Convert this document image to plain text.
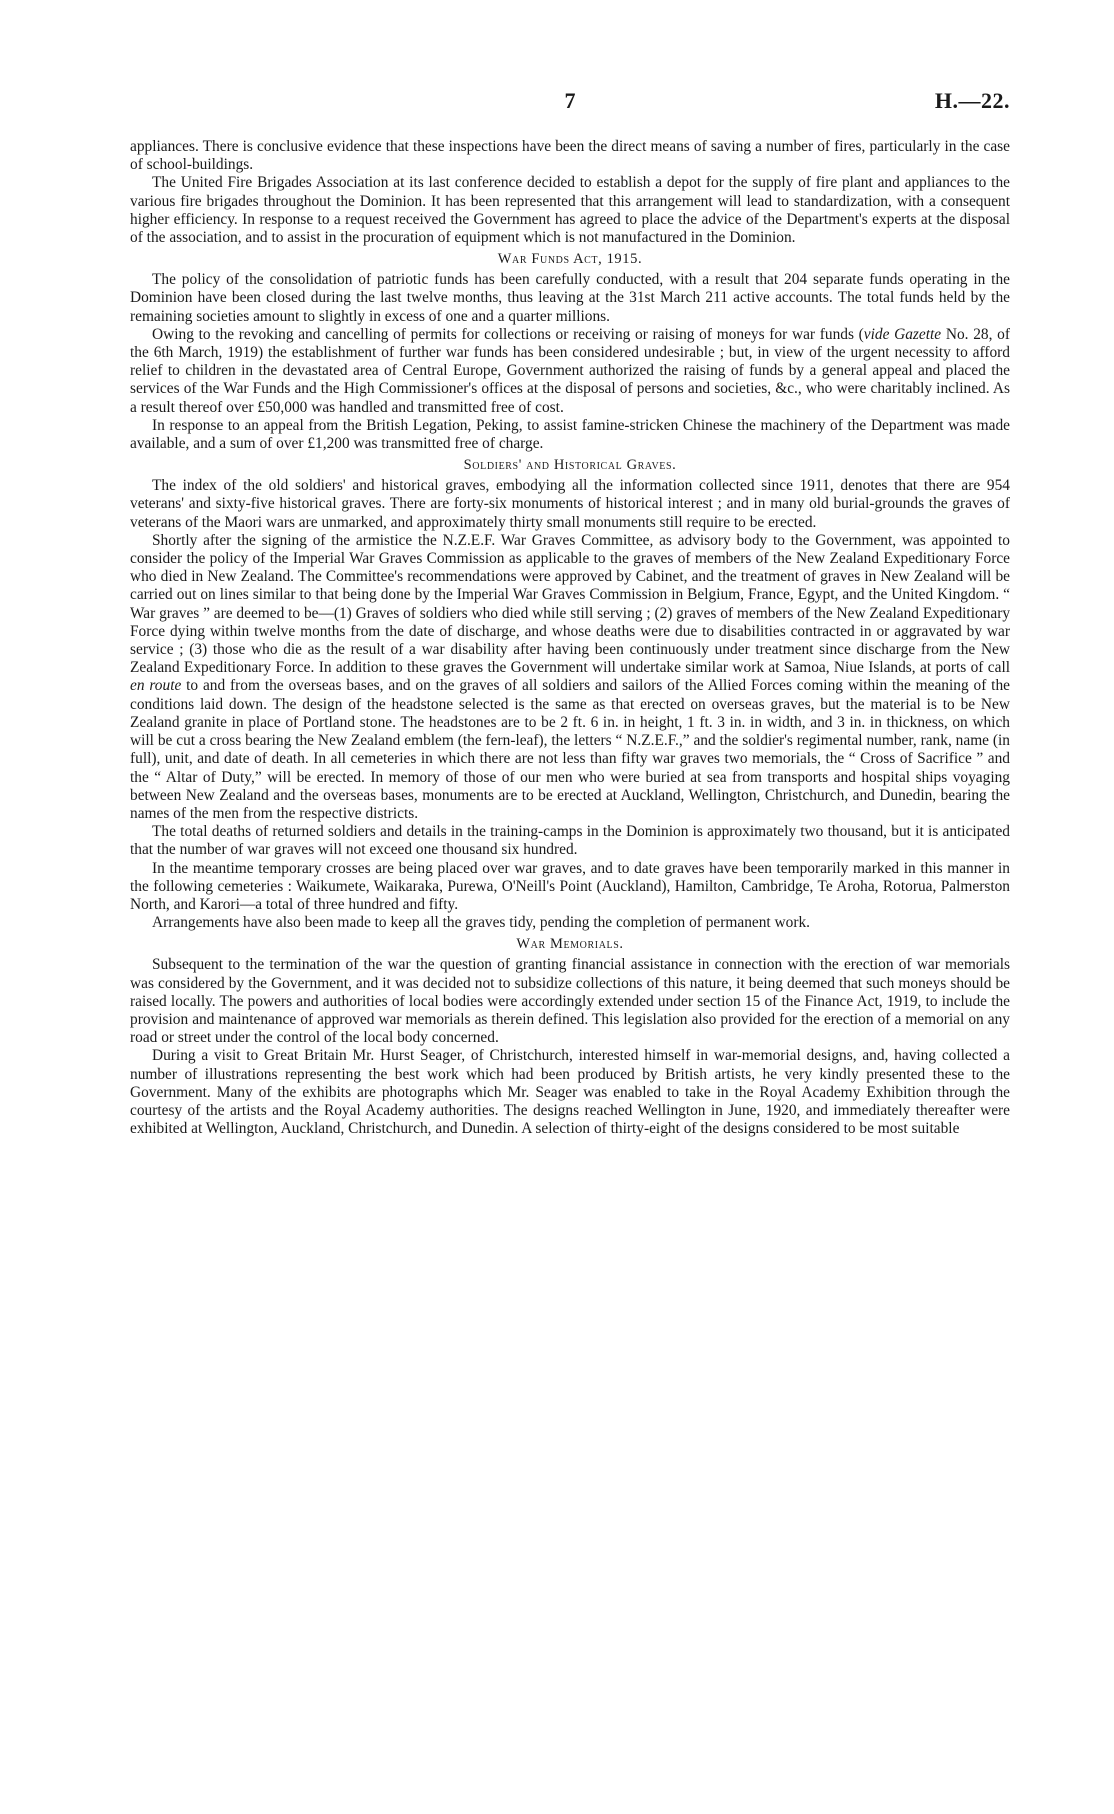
7	H.—22.

appliances. There is conclusive evidence that these inspections have been the direct means of saving a number of fires, particularly in the case of school-buildings.

The United Fire Brigades Association at its last conference decided to establish a depot for the supply of fire plant and appliances to the various fire brigades throughout the Dominion. It has been represented that this arrangement will lead to standardization, with a consequent higher efficiency. In response to a request received the Government has agreed to place the advice of the Department's experts at the disposal of the association, and to assist in the procuration of equipment which is not manufactured in the Dominion.

War Funds Act, 1915.

The policy of the consolidation of patriotic funds has been carefully conducted, with a result that 204 separate funds operating in the Dominion have been closed during the last twelve months, thus leaving at the 31st March 211 active accounts. The total funds held by the remaining societies amount to slightly in excess of one and a quarter millions.

Owing to the revoking and cancelling of permits for collections or receiving or raising of moneys for war funds (vide Gazette No. 28, of the 6th March, 1919) the establishment of further war funds has been considered undesirable ; but, in view of the urgent necessity to afford relief to children in the devastated area of Central Europe, Government authorized the raising of funds by a general appeal and placed the services of the War Funds and the High Commissioner's offices at the disposal of persons and societies, &c., who were charitably inclined. As a result thereof over £50,000 was handled and transmitted free of cost.

In response to an appeal from the British Legation, Peking, to assist famine-stricken Chinese the machinery of the Department was made available, and a sum of over £1,200 was transmitted free of charge.

Soldiers' and Historical Graves.

The index of the old soldiers' and historical graves, embodying all the information collected since 1911, denotes that there are 954 veterans' and sixty-five historical graves. There are forty-six monuments of historical interest ; and in many old burial-grounds the graves of veterans of the Maori wars are unmarked, and approximately thirty small monuments still require to be erected.

Shortly after the signing of the armistice the N.Z.E.F. War Graves Committee, as advisory body to the Government, was appointed to consider the policy of the Imperial War Graves Commission as applicable to the graves of members of the New Zealand Expeditionary Force who died in New Zealand. The Committee's recommendations were approved by Cabinet, and the treatment of graves in New Zealand will be carried out on lines similar to that being done by the Imperial War Graves Commission in Belgium, France, Egypt, and the United Kingdom. “ War graves ” are deemed to be—(1) Graves of soldiers who died while still serving ; (2) graves of members of the New Zealand Expeditionary Force dying within twelve months from the date of discharge, and whose deaths were due to disabilities contracted in or aggravated by war service ; (3) those who die as the result of a war disability after having been continuously under treatment since discharge from the New Zealand Expeditionary Force. In addition to these graves the Government will undertake similar work at Samoa, Niue Islands, at ports of call en route to and from the overseas bases, and on the graves of all soldiers and sailors of the Allied Forces coming within the meaning of the conditions laid down. The design of the headstone selected is the same as that erected on overseas graves, but the material is to be New Zealand granite in place of Portland stone. The headstones are to be 2 ft. 6 in. in height, 1 ft. 3 in. in width, and 3 in. in thickness, on which will be cut a cross bearing the New Zealand emblem (the fern-leaf), the letters “ N.Z.E.F.,” and the soldier's regimental number, rank, name (in full), unit, and date of death. In all cemeteries in which there are not less than fifty war graves two memorials, the “ Cross of Sacrifice ” and the “ Altar of Duty,” will be erected. In memory of those of our men who were buried at sea from transports and hospital ships voyaging between New Zealand and the overseas bases, monuments are to be erected at Auckland, Wellington, Christchurch, and Dunedin, bearing the names of the men from the respective districts.

The total deaths of returned soldiers and details in the training-camps in the Dominion is approximately two thousand, but it is anticipated that the number of war graves will not exceed one thousand six hundred.

In the meantime temporary crosses are being placed over war graves, and to date graves have been temporarily marked in this manner in the following cemeteries : Waikumete, Waikaraka, Purewa, O'Neill's Point (Auckland), Hamilton, Cambridge, Te Aroha, Rotorua, Palmerston North, and Karori—a total of three hundred and fifty.

Arrangements have also been made to keep all the graves tidy, pending the completion of permanent work.

War Memorials.

Subsequent to the termination of the war the question of granting financial assistance in connection with the erection of war memorials was considered by the Government, and it was decided not to subsidize collections of this nature, it being deemed that such moneys should be raised locally. The powers and authorities of local bodies were accordingly extended under section 15 of the Finance Act, 1919, to include the provision and maintenance of approved war memorials as therein defined. This legislation also provided for the erection of a memorial on any road or street under the control of the local body concerned.

During a visit to Great Britain Mr. Hurst Seager, of Christchurch, interested himself in war-memorial designs, and, having collected a number of illustrations representing the best work which had been produced by British artists, he very kindly presented these to the Government. Many of the exhibits are photographs which Mr. Seager was enabled to take in the Royal Academy Exhibition through the courtesy of the artists and the Royal Academy authorities. The designs reached Wellington in June, 1920, and immediately thereafter were exhibited at Wellington, Auckland, Christchurch, and Dunedin. A selection of thirty-eight of the designs considered to be most suitable
